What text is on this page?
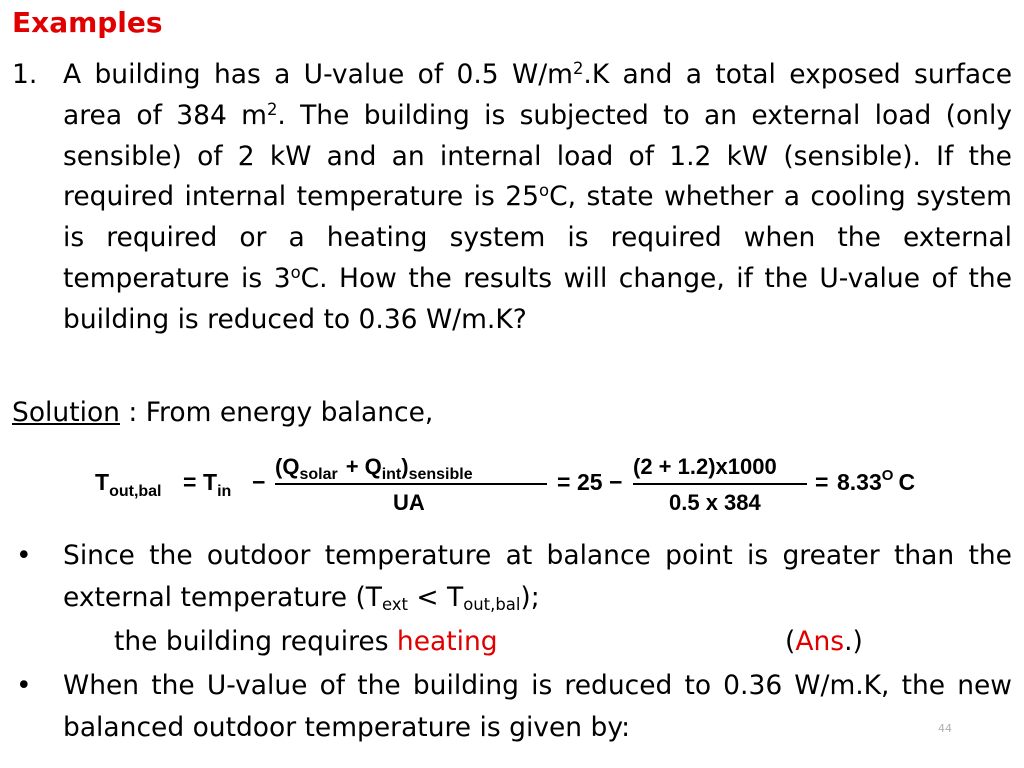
Examples
1. A building has a U-value of 0.5 $W/m^2.K$ and a total exposed surface area of 384 $m^2$. The building is subjected to an external load (only sensible) of 2 kW and an internal load of 1.2 kW (sensible). If the required internal temperature is 25$^o$C, state whether a cooling system is required or a heating system is required when the external temperature is 3$^o$C. How the results will change, if the U-value of the building is reduced to 0.36 W/m.K?
Solution : From energy balance,
$T_{out,bal} = T_{in}$ −
$(Q_{solar} + Q_{int})_{sensible}$
UA
= 25 −
(2 + 1.2)x1000
0.5 x 384
= $8.33^O$ C
• Since the outdoor temperature at balance point is greater than the external temperature $(T_{ext} < T_{out,bal})$;
the building requires heating	(Ans.)
• When the U-value of the building is reduced to 0.36 W/m.K, the new balanced outdoor temperature is given by:	44
